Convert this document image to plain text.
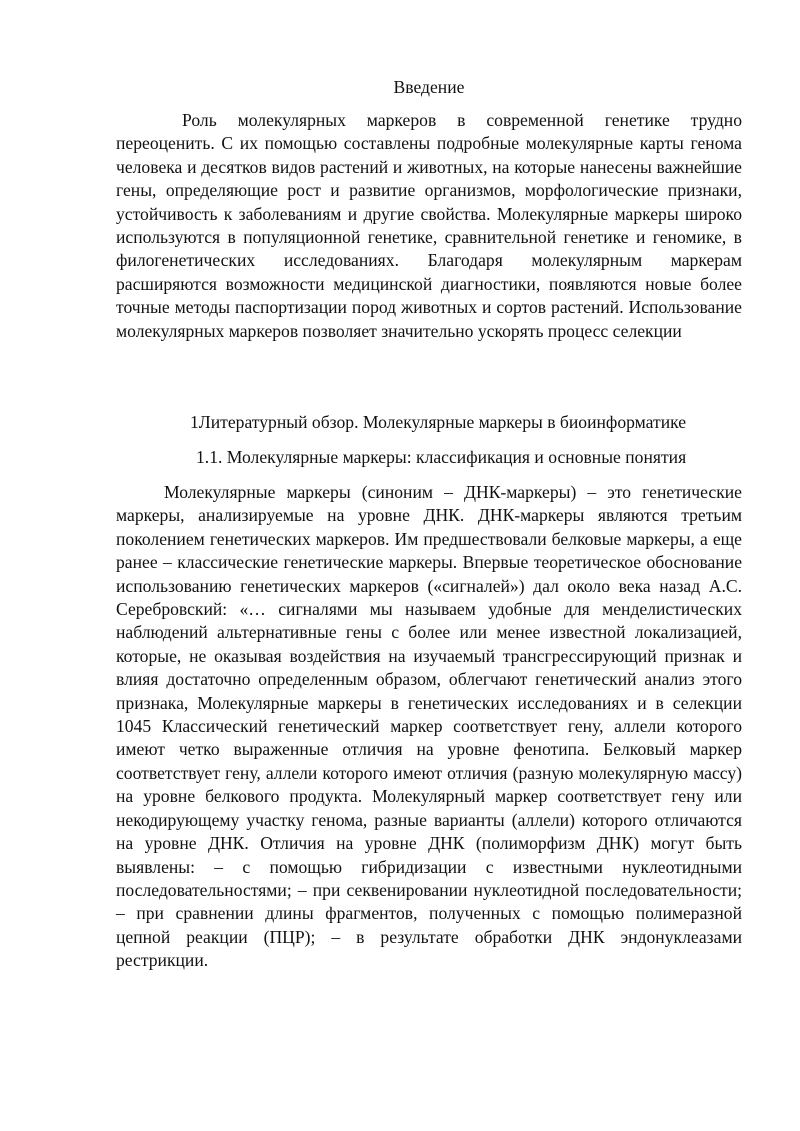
Введение

Роль молекулярных маркеров в современной генетике трудно переоценить. С их помощью составлены подробные молекулярные карты генома человека и десятков видов растений и животных, на которые нанесены важнейшие гены, определяющие рост и развитие организмов, морфологические признаки, устойчивость к заболеваниям и другие свойства. Молекулярные маркеры широко используются в популяционной генетике, сравнительной генетике и геномике, в филогенетических исследованиях. Благодаря молекулярным маркерам расширяются возможности медицинской диагностики, появляются новые более точные методы паспортизации пород животных и сортов растений. Использование молекулярных маркеров позволяет значительно ускорять процесс селекции

1Литературный обзор. Молекулярные маркеры в биоинформатике

1.1. Молекулярные маркеры: классификация и основные понятия

Молекулярные маркеры (синоним – ДНК-маркеры) – это генетические маркеры, анализируемые на уровне ДНК. ДНК-маркеры являются третьим поколением генетических маркеров. Им предшествовали белковые маркеры, а еще ранее – классические генетические маркеры. Впервые теоретическое обоснование использованию генетических маркеров («сигналей») дал около века назад А.С. Серебровский: «… сигналями мы называем удобные для менделистических наблюдений альтернативные гены с более или менее известной локализацией, которые, не оказывая воздействия на изучаемый трансгрессирующий признак и влияя достаточно определенным образом, облегчают генетический анализ этого признака, Молекулярные маркеры в генетических исследованиях и в селекции 1045 Классический генетический маркер соответствует гену, аллели которого имеют четко выраженные отличия на уровне фенотипа. Белковый маркер соответствует гену, аллели которого имеют отличия (разную молекулярную массу) на уровне белкового продукта. Молекулярный маркер соответствует гену или некодирующему участку генома, разные варианты (аллели) которого отличаются на уровне ДНК. Отличия на уровне ДНК (полиморфизм ДНК) могут быть выявлены: – с помощью гибридизации с известными нуклеотидными последовательностями; – при секвенировании нуклеотидной последовательности; – при сравнении длины фрагментов, полученных с помощью полимеразной цепной реакции (ПЦР); – в результате обработки ДНК эндонуклеазами рестрикции.
